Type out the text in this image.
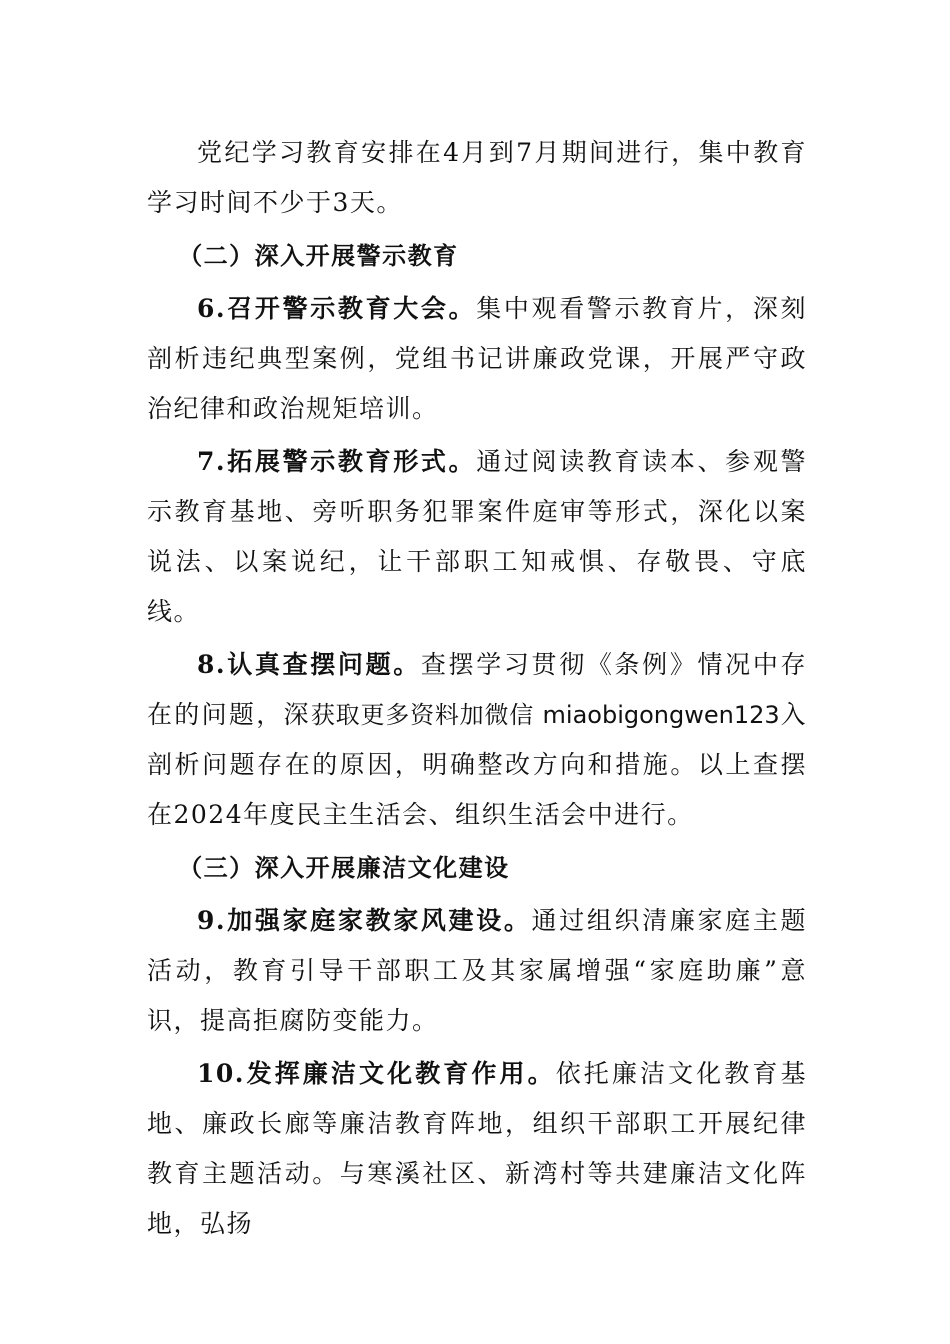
党纪学习教育安排在4月到7月期间进行，集中教育学习时间不少于3天。

（二）深入开展警示教育

6.召开警示教育大会。集中观看警示教育片，深刻剖析违纪典型案例，党组书记讲廉政党课，开展严守政治纪律和政治规矩培训。

7.拓展警示教育形式。通过阅读教育读本、参观警示教育基地、旁听职务犯罪案件庭审等形式，深化以案说法、以案说纪，让干部职工知戒惧、存敬畏、守底线。

8.认真查摆问题。查摆学习贯彻《条例》情况中存在的问题，深获取更多资料加微信 miaobigongwen123入剖析问题存在的原因，明确整改方向和措施。以上查摆在2024年度民主生活会、组织生活会中进行。

（三）深入开展廉洁文化建设

9.加强家庭家教家风建设。通过组织清廉家庭主题活动，教育引导干部职工及其家属增强“家庭助廉”意识，提高拒腐防变能力。

10.发挥廉洁文化教育作用。依托廉洁文化教育基地、廉政长廊等廉洁教育阵地，组织干部职工开展纪律教育主题活动。与寒溪社区、新湾村等共建廉洁文化阵地，弘扬
